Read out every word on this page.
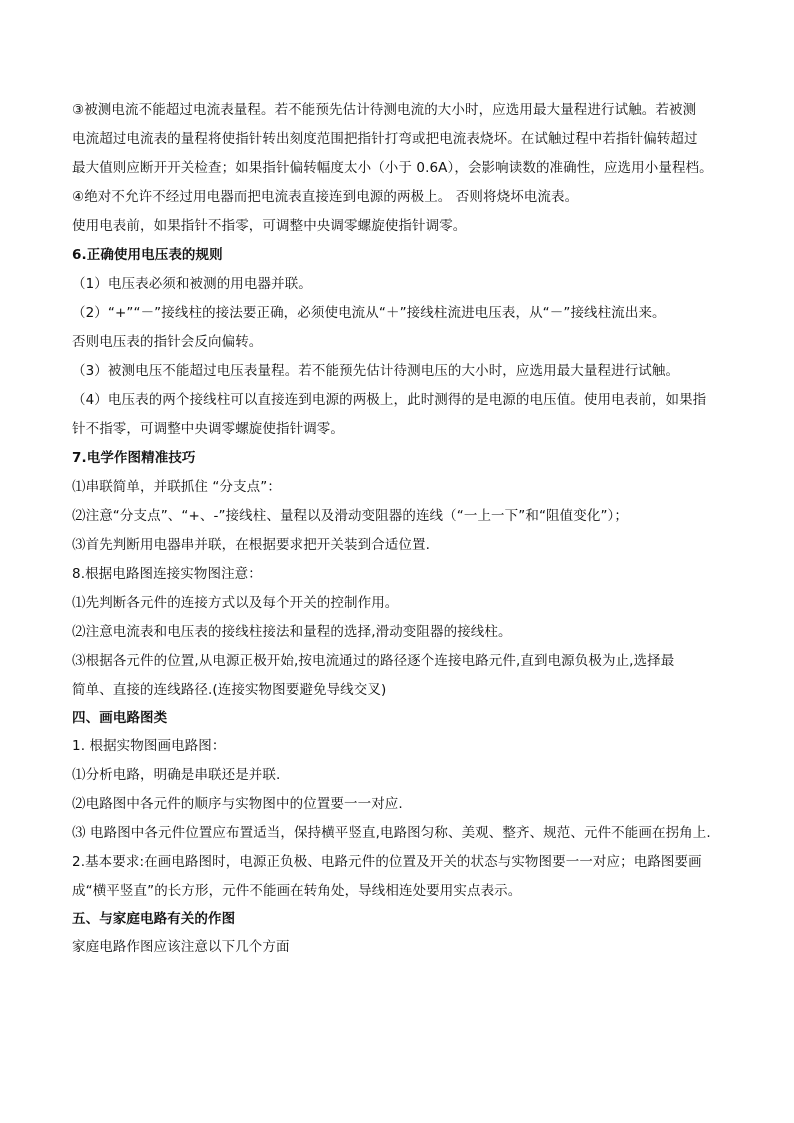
③被测电流不能超过电流表量程。若不能预先估计待测电流的大小时，应选用最大量程进行试触。若被测
电流超过电流表的量程将使指针转出刻度范围把指针打弯或把电流表烧坏。在试触过程中若指针偏转超过
最大值则应断开开关检查；如果指针偏转幅度太小（小于 0.6A），会影响读数的准确性，应选用小量程档。
④绝对不允许不经过用电器而把电流表直接连到电源的两极上。 否则将烧坏电流表。
使用电表前，如果指针不指零，可调整中央调零螺旋使指针调零。
6.正确使用电压表的规则
（1）电压表必须和被测的用电器并联。
（2）“+”“－”接线柱的接法要正确，必须使电流从“＋”接线柱流进电压表，从“－”接线柱流出来。
否则电压表的指针会反向偏转。
（3）被测电压不能超过电压表量程。若不能预先估计待测电压的大小时，应选用最大量程进行试触。
（4）电压表的两个接线柱可以直接连到电源的两极上，此时测得的是电源的电压值。使用电表前，如果指
针不指零，可调整中央调零螺旋使指针调零。
7.电学作图精准技巧
⑴串联简单，并联抓住 “分支点”：
⑵注意“分支点”、“+、-”接线柱、量程以及滑动变阻器的连线（“一上一下”和“阻值变化”）；
⑶首先判断用电器串并联，在根据要求把开关装到合适位置.
8.根据电路图连接实物图注意：
⑴先判断各元件的连接方式以及每个开关的控制作用。
⑵注意电流表和电压表的接线柱接法和量程的选择,滑动变阻器的接线柱。
⑶根据各元件的位置,从电源正极开始,按电流通过的路径逐个连接电路元件,直到电源负极为止,选择最
简单、直接的连线路径.(连接实物图要避免导线交叉)
四、画电路图类
1. 根据实物图画电路图：
⑴分析电路，明确是串联还是并联.
⑵电路图中各元件的顺序与实物图中的位置要一一对应.
⑶ 电路图中各元件位置应布置适当，保持横平竖直,电路图匀称、美观、整齐、规范、元件不能画在拐角上.
2.基本要求:在画电路图时，电源正负极、电路元件的位置及开关的状态与实物图要一一对应；电路图要画
成“横平竖直”的长方形，元件不能画在转角处，导线相连处要用实点表示。
五、与家庭电路有关的作图
家庭电路作图应该注意以下几个方面
